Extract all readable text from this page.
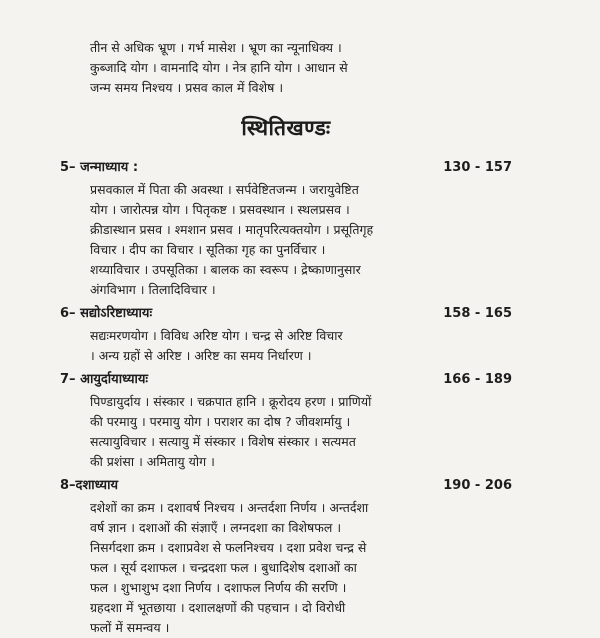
तीन से अधिक भ्रूण । गर्भ मासेश । भ्रूण का न्यूनाधिक्य ।

कुब्जादि योग । वामनादि योग । नेत्र हानि योग । आधान से

जन्म समय निश्चय । प्रसव काल में विशेष ।

स्थितिखण्डः
5– जन्माध्याय :	130 - 157

प्रसवकाल में पिता की अवस्था । सर्पवेष्टितजन्म । जरायुवेष्टित

योग । जारोत्पन्न योग । पितृकष्ट । प्रसवस्थान । स्थलप्रसव ।

क्रीडास्थान प्रसव । श्मशान प्रसव । मातृपरित्यक्तयोग । प्रसूतिगृह

विचार । दीप का विचार । सूतिका गृह का पुनर्विचार ।

शय्याविचार । उपसूतिका । बालक का स्वरूप । द्रेष्काणानुसार

अंगविभाग । तिलादिविचार ।

6– सद्योऽरिष्टाध्यायः	158 - 165

सद्यःमरणयोग । विविध अरिष्ट योग । चन्द्र से अरिष्ट विचार

। अन्य ग्रहों से अरिष्ट । अरिष्ट का समय निर्धारण ।

7– आयुर्दायाध्यायः	166 - 189

पिण्डायुर्दाय । संस्कार । चक्रपात हानि । क्रूरोदय हरण । प्राणियों

की परमायु । परमायु योग । पराशर का दोष ? जीवशर्मायु ।

सत्यायुविचार । सत्यायु में संस्कार । विशेष संस्कार । सत्यमत

की प्रशंसा । अमितायु योग ।

8–दशाध्याय	190 - 206

दशेशों का क्रम । दशावर्ष निश्चय । अन्तर्दशा निर्णय । अन्तर्दशा

वर्ष ज्ञान । दशाओं की संज्ञाएँ । लग्नदशा का विशेषफल ।

निसर्गदशा क्रम । दशाप्रवेश से फलनिश्चय । दशा प्रवेश चन्द्र से

फल । सूर्य दशाफल । चन्द्रदशा फल । बुधादिशेष दशाओं का

फल । शुभाशुभ दशा निर्णय । दशाफल निर्णय की सरणि ।

ग्रहदशा में भूतछाया । दशालक्षणों की पहचान । दो विरोधी

फलों में समन्वय ।
